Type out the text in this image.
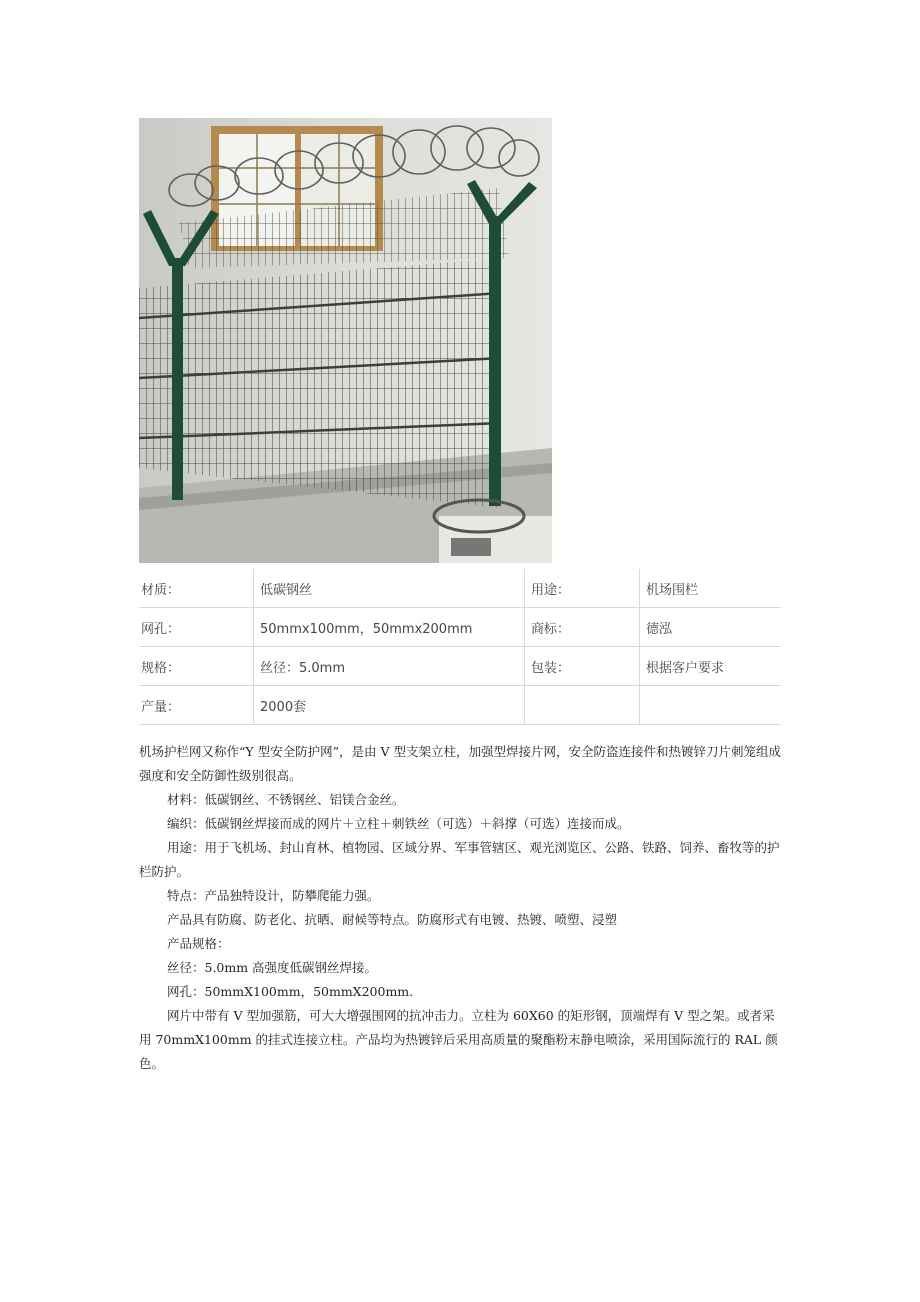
材质：	低碳钢丝	用途：	机场围栏
网孔：	50mmx100mm，50mmx200mm	商标：	德泓
规格：	丝径：5.0mm	包装：	根据客户要求
产量：	2000套		

机场护栏网又称作“Y 型安全防护网”，是由 V 型支架立柱，加强型焊接片网，安全防盗连接件和热镀锌刀片刺笼组成强度和安全防御性级别很高。

材料：低碳钢丝、不锈钢丝、铝镁合金丝。

编织：低碳钢丝焊接而成的网片＋立柱＋刺铁丝（可选）＋斜撑（可选）连接而成。

用途：用于飞机场、封山育林、植物园、区域分界、军事管辖区、观光浏览区、公路、铁路、饲养、畜牧等的护栏防护。

特点：产品独特设计，防攀爬能力强。

产品具有防腐、防老化、抗晒、耐候等特点。防腐形式有电镀、热镀、喷塑、浸塑

产品规格：

丝径：5.0mm 高强度低碳钢丝焊接。

网孔：50mmX100mm，50mmX200mm.

网片中带有 V 型加强筋，可大大增强围网的抗冲击力。立柱为 60X60 的矩形钢，顶端焊有 V 型之架。或者采用 70mmX100mm 的挂式连接立柱。产品均为热镀锌后采用高质量的聚酯粉末静电喷涂，采用国际流行的 RAL 颜色。
